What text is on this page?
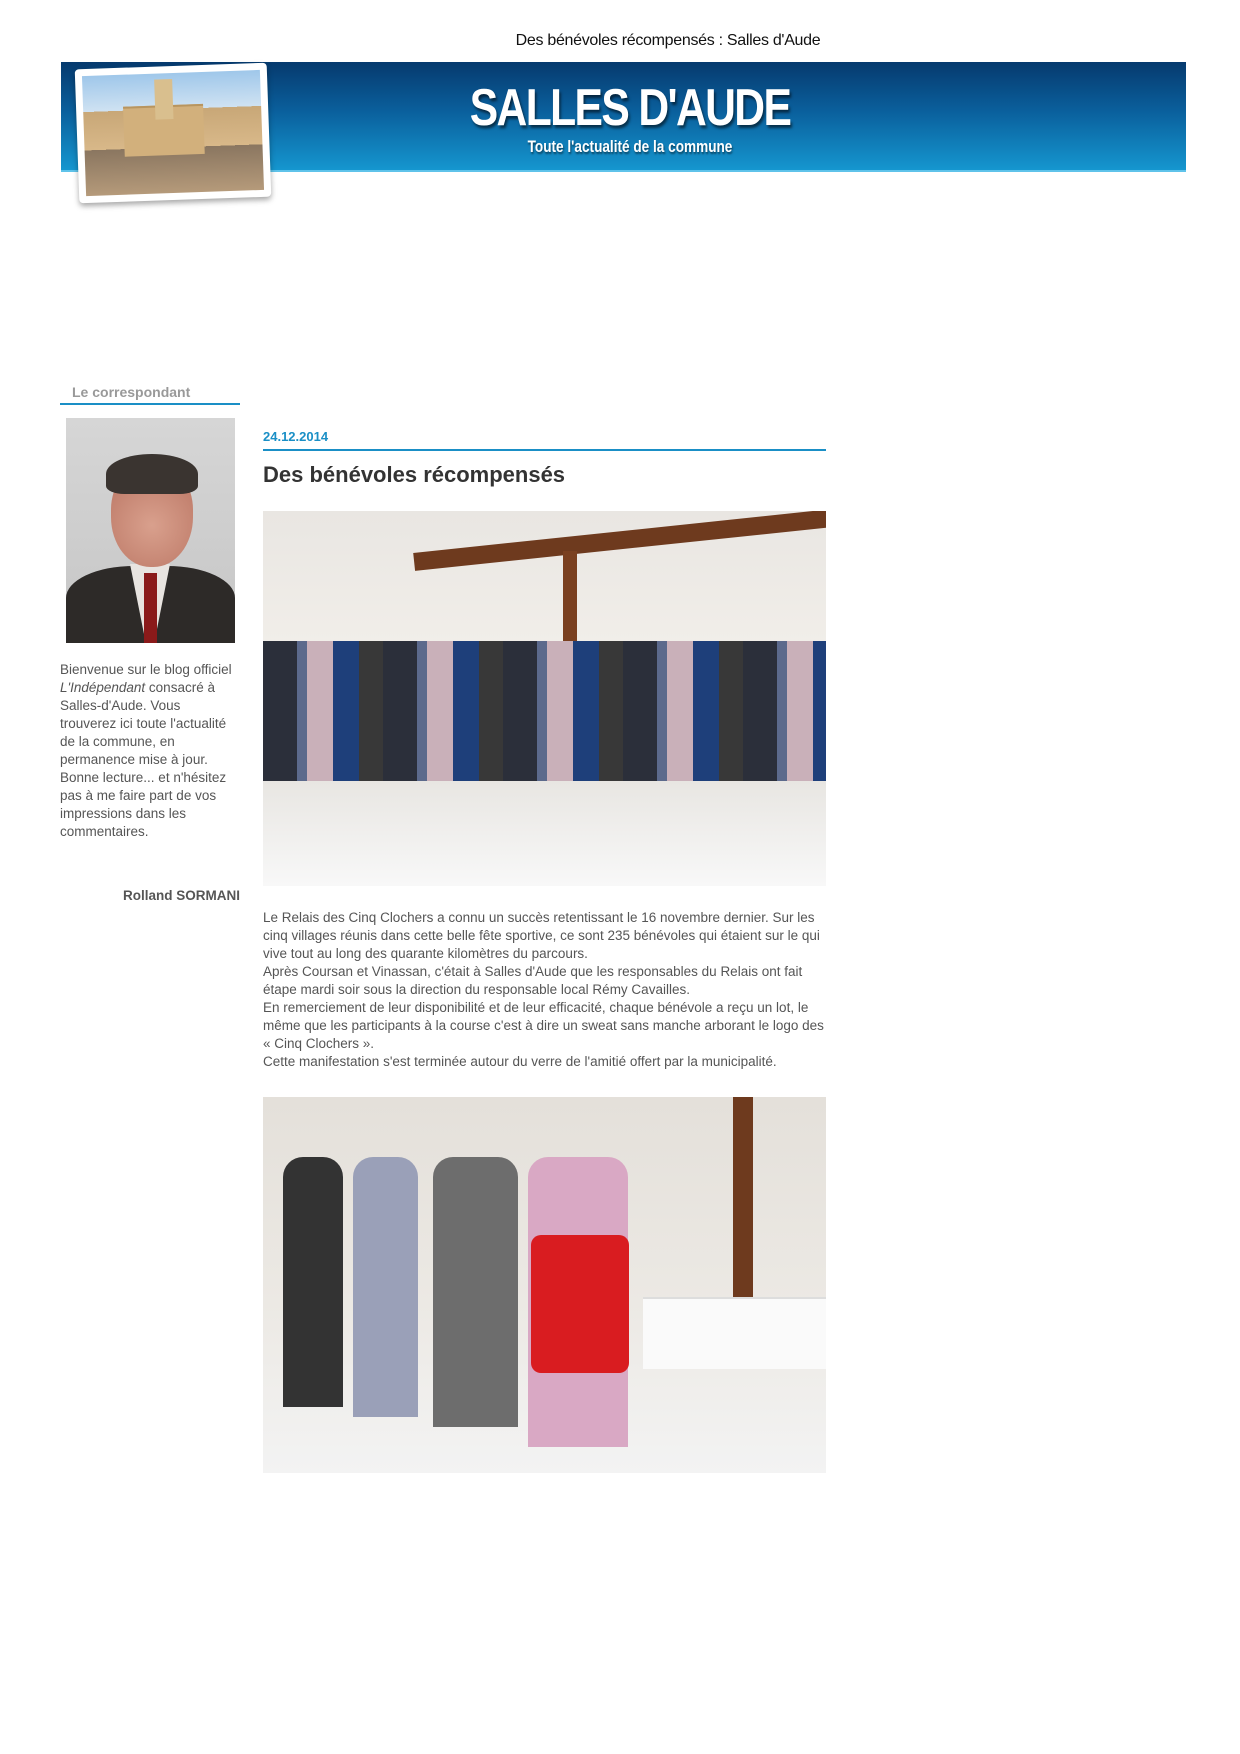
Des bénévoles récompensés : Salles d'Aude
SALLES D'AUDE
Toute l'actualité de la commune
Le correspondant
Bienvenue sur le blog officiel L'Indépendant consacré à Salles-d'Aude. Vous trouverez ici toute l'actualité de la commune, en permanence mise à jour. Bonne lecture... et n'hésitez pas à me faire part de vos impressions dans les commentaires.
Rolland SORMANI
24.12.2014
Des bénévoles récompensés

Le Relais des Cinq Clochers a connu un succès retentissant le 16 novembre dernier. Sur les cinq villages réunis dans cette belle fête sportive, ce sont 235 bénévoles qui étaient sur le qui vive tout au long des quarante kilomètres du parcours.

Après Coursan et Vinassan, c'était à Salles d'Aude que les responsables du Relais ont fait étape mardi soir sous la direction du responsable local Rémy Cavailles.

En remerciement de leur disponibilité et de leur efficacité, chaque bénévole a reçu un lot, le même que les participants à la course c'est à dire un sweat sans manche arborant le logo des « Cinq Clochers ».

Cette manifestation s'est terminée autour du verre de l'amitié offert par la municipalité.
